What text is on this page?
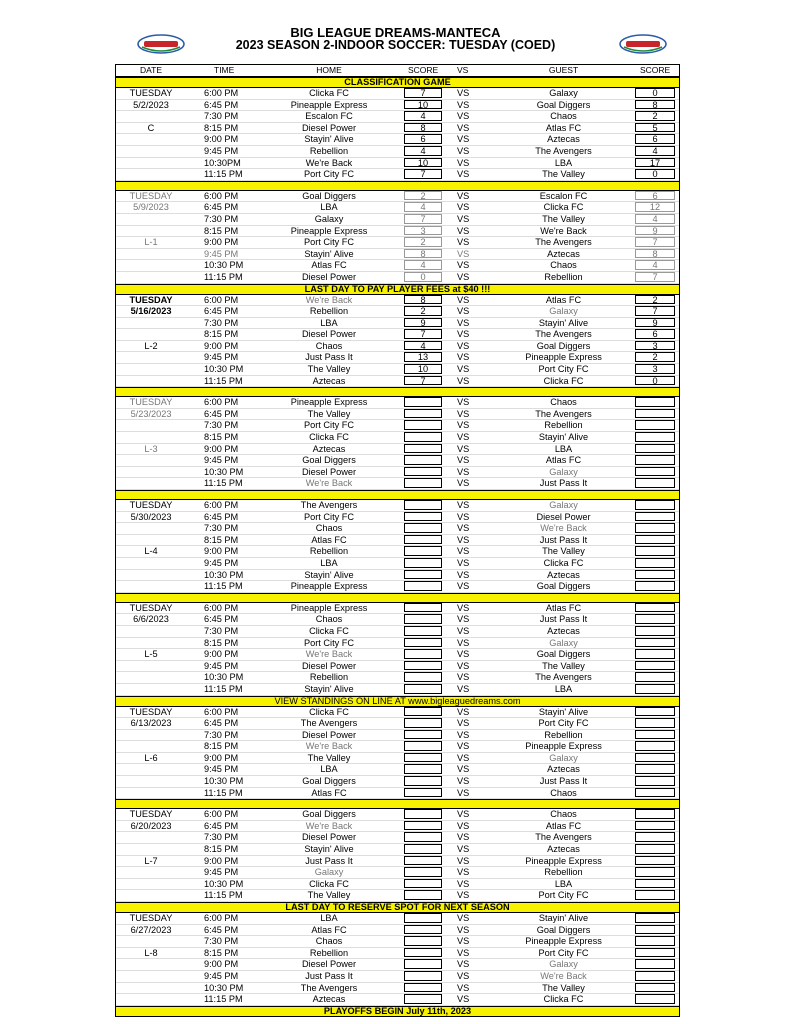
BIG LEAGUE DREAMS-MANTECA
2023 SEASON 2-INDOOR SOCCER: TUESDAY (COED)
DATE	TIME	HOME	SCORE VS	GUEST	SCORE
CLASSIFICATION GAME
TUESDAY	6:00 PM	Clicka FC	7	VS	Galaxy	0
5/2/2023	6:45 PM	Pineapple Express	10	VS	Goal Diggers	8
7:30 PM	Escalon FC	4	VS	Chaos	2
C	8:15 PM	Diesel Power	8	VS	Atlas FC	5
9:00 PM	Stayin' Alive	6	VS	Aztecas	6
9:45 PM	Rebellion	4	VS	The Avengers	4
10:30PM	We're Back	10	VS	LBA	17
11:15 PM	Port City FC	7	VS	The Valley	0
TUESDAY	6:00 PM	Goal Diggers	2	VS	Escalon FC	6
5/9/2023	6:45 PM	LBA	4	VS	Clicka FC	12
7:30 PM	Galaxy	7	VS	The Valley	4
8:15 PM	Pineapple Express	3	VS	We're Back	9
L-1	9:00 PM	Port City FC	2	VS	The Avengers	7
9:45 PM	Stayin' Alive	8	VS	Aztecas	8
10:30 PM	Atlas FC	4	VS	Chaos	4
11:15 PM	Diesel Power	0	VS	Rebellion	7
LAST DAY TO PAY PLAYER FEES at $40 !!!
TUESDAY	6:00 PM	We're Back	8	VS	Atlas FC	2
5/16/2023	6:45 PM	Rebellion	2	VS	Galaxy	7
7:30 PM	LBA	9	VS	Stayin' Alive	9
8:15 PM	Diesel Power	7	VS	The Avengers	6
L-2	9:00 PM	Chaos	4	VS	Goal Diggers	3
9:45 PM	Just Pass It	13	VS	Pineapple Express	2
10:30 PM	The Valley	10	VS	Port City FC	3
11:15 PM	Aztecas	7	VS	Clicka FC	0
TUESDAY	6:00 PM	Pineapple Express	VS	Chaos
5/23/2023	6:45 PM	The Valley	VS	The Avengers
7:30 PM	Port City FC	VS	Rebellion
8:15 PM	Clicka FC	VS	Stayin' Alive
L-3	9:00 PM	Aztecas	VS	LBA
9:45 PM	Goal Diggers	VS	Atlas FC
10:30 PM	Diesel Power	VS	Galaxy
11:15 PM	We're Back	VS	Just Pass It
TUESDAY	6:00 PM	The Avengers	VS	Galaxy
5/30/2023	6:45 PM	Port City FC	VS	Diesel Power
7:30 PM	Chaos	VS	We're Back
8:15 PM	Atlas FC	VS	Just Pass It
L-4	9:00 PM	Rebellion	VS	The Valley
9:45 PM	LBA	VS	Clicka FC
10:30 PM	Stayin' Alive	VS	Aztecas
11:15 PM	Pineapple Express	VS	Goal Diggers
TUESDAY	6:00 PM	Pineapple Express	VS	Atlas FC
6/6/2023	6:45 PM	Chaos	VS	Just Pass It
7:30 PM	Clicka FC	VS	Aztecas
8:15 PM	Port City FC	VS	Galaxy
L-5	9:00 PM	We're Back	VS	Goal Diggers
9:45 PM	Diesel Power	VS	The Valley
10:30 PM	Rebellion	VS	The Avengers
11:15 PM	Stayin' Alive	VS	LBA
VIEW STANDINGS ON LINE AT www.bigleaguedreams.com
TUESDAY	6:00 PM	Clicka FC	VS	Stayin' Alive
6/13/2023	6:45 PM	The Avengers	VS	Port City FC
7:30 PM	Diesel Power	VS	Rebellion
8:15 PM	We're Back	VS	Pineapple Express
L-6	9:00 PM	The Valley	VS	Galaxy
9:45 PM	LBA	VS	Aztecas
10:30 PM	Goal Diggers	VS	Just Pass It
11:15 PM	Atlas FC	VS	Chaos
TUESDAY	6:00 PM	Goal Diggers	VS	Chaos
6/20/2023	6:45 PM	We're Back	VS	Atlas FC
7:30 PM	Diesel Power	VS	The Avengers
8:15 PM	Stayin' Alive	VS	Aztecas
L-7	9:00 PM	Just Pass It	VS	Pineapple Express
9:45 PM	Galaxy	VS	Rebellion
10:30 PM	Clicka FC	VS	LBA
11:15 PM	The Valley	VS	Port City FC
LAST DAY TO RESERVE SPOT FOR NEXT SEASON
TUESDAY	6:00 PM	LBA	VS	Stayin' Alive
6/27/2023	6:45 PM	Atlas FC	VS	Goal Diggers
7:30 PM	Chaos	VS	Pineapple Express
L-8	8:15 PM	Rebellion	VS	Port City FC
9:00 PM	Diesel Power	VS	Galaxy
9:45 PM	Just Pass It	VS	We're Back
10:30 PM	The Avengers	VS	The Valley
11:15 PM	Aztecas	VS	Clicka FC
PLAYOFFS BEGIN July 11th, 2023
